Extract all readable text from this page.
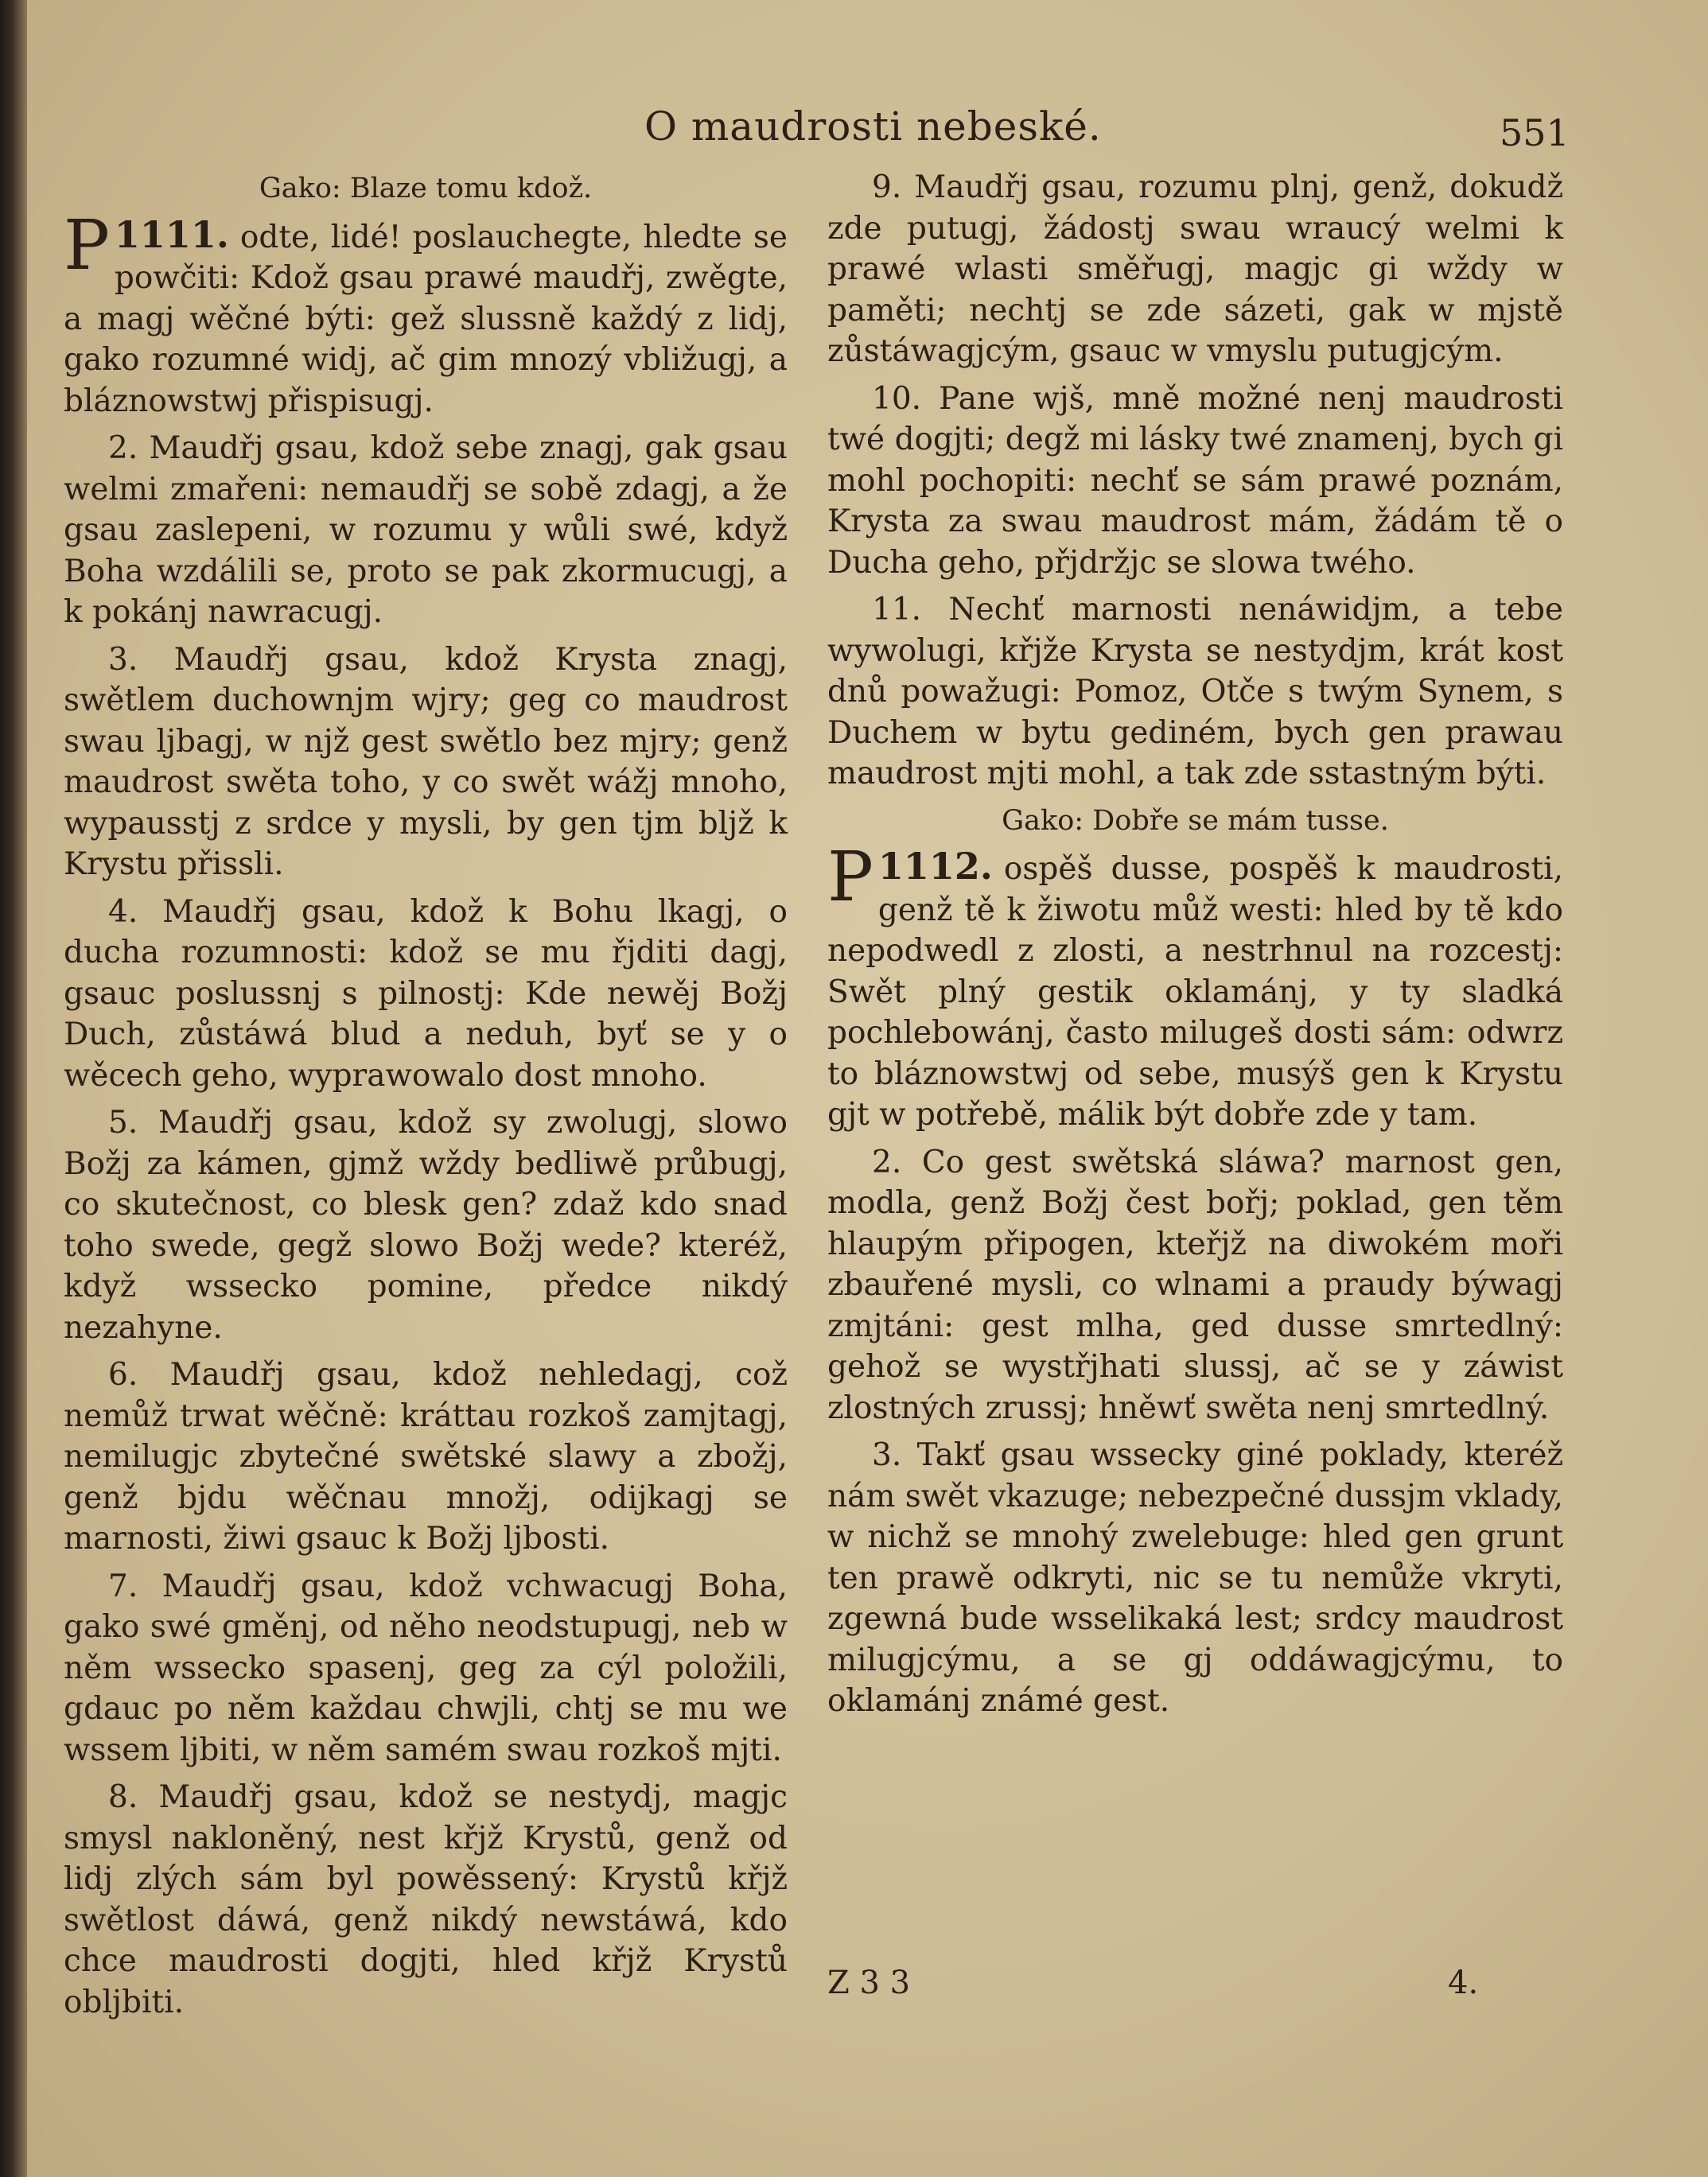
O maudrosti nebeské.	551
Gako: Blaze tomu kdož.

1111.
P	odte, lidé! poslauchegte, hledte se powčiti: Kdož gsau prawé maudřj, zwěgte, a magj wěčné býti: gež slussně každý z lidj, gako rozumné widj, ač gim mnozý vbližugj, a bláznowstwj přispisugj.

2. Maudřj gsau, kdož sebe znagj, gak gsau welmi zmařeni: nemaudřj se sobě zdagj, a že gsau zaslepeni, w rozumu y wůli swé, když Boha wzdálili se, proto se pak zkormucugj, a k pokánj nawracugj.

3. Maudřj gsau, kdož Krysta znagj, swětlem duchownjm wjry; geg co maudrost swau ljbagj, w njž gest swětlo bez mjry; genž maudrost swěta toho, y co swět wážj mnoho, wypausstj z srdce y mysli, by gen tjm bljž k Krystu přissli.

4. Maudřj gsau, kdož k Bohu lkagj, o ducha rozumnosti: kdož se mu řjditi dagj, gsauc poslussnj s pilnostj: Kde newěj Božj Duch, zůstáwá blud a neduh, byť se y o wěcech geho, wyprawowalo dost mnoho.

5. Maudřj gsau, kdož sy zwolugj, slowo Božj za kámen, gjmž wždy bedliwě průbugj, co skutečnost, co blesk gen? zdaž kdo snad toho swede, gegž slowo Božj wede? kteréž, když wssecko pomine, předce nikdý nezahyne.

6. Maudřj gsau, kdož nehledagj, což nemůž trwat wěčně: kráttau rozkoš zamjtagj, nemilugjc zbytečné swětské slawy a zbožj, genž bjdu wěčnau množj, odijkagj se marnosti, žiwi gsauc k Božj ljbosti.

7. Maudřj gsau, kdož vchwacugj Boha, gako swé gměnj, od něho neodstupugj, neb w něm wssecko spasenj, geg za cýl položili, gdauc po něm každau chwjli, chtj se mu we wssem ljbiti, w něm samém swau rozkoš mjti.

8. Maudřj gsau, kdož se nestydj, magjc smysl nakloněný, nest křjž Krystů, genž od lidj zlých sám byl powěssený: Krystů křjž swětlost dáwá, genž nikdý newstáwá, kdo chce maudrosti dogjti, hled křjž Krystů obljbiti.

9. Maudřj gsau, rozumu plnj, genž, dokudž zde putugj, žádostj swau wraucý welmi k prawé wlasti směřugj, magjc gi wždy w paměti; nechtj se zde sázeti, gak w mjstě zůstáwagjcým, gsauc w vmyslu putugjcým.

10. Pane wjš, mně možné nenj maudrosti twé dogjti; degž mi lásky twé znamenj, bych gi mohl pochopiti: nechť se sám prawé poznám, Krysta za swau maudrost mám, žádám tě o Ducha geho, přjdržjc se slowa twého.

11. Nechť marnosti nenáwidjm, a tebe wywolugi, křjže Krysta se nestydjm, krát kost dnů powažugi: Pomoz, Otče s twým Synem, s Duchem w bytu gediném, bych gen prawau maudrost mjti mohl, a tak zde sstastným býti.

Gako: Dobře se mám tusse.

1112.
P	ospěš dusse, pospěš k maudrosti, genž tě k žiwotu můž westi: hled by tě kdo nepodwedl z zlosti, a nestrhnul na rozcestj: Swět plný gestik oklamánj, y ty sladká pochlebowánj, často milugeš dosti sám: odwrz to bláznowstwj od sebe, musýš gen k Krystu gjt w potřebě, málik být dobře zde y tam.

2. Co gest swětská sláwa? marnost gen, modla, genž Božj čest bořj; poklad, gen těm hlaupým připogen, kteřjž na diwokém moři zbauřené mysli, co wlnami a praudy býwagj zmjtáni: gest mlha, ged dusse smrtedlný: gehož se wystřjhati slussj, ač se y záwist zlostných zrussj; hněwť swěta nenj smrtedlný.

3. Takť gsau wssecky giné poklady, kteréž nám swět vkazuge; nebezpečné dussjm vklady, w nichž se mnohý zwelebuge: hled gen grunt ten prawě odkryti, nic se tu nemůže vkryti, zgewná bude wsselikaká lest; srdcy maudrost milugjcýmu, a se gj oddáwagjcýmu, to oklamánj známé gest.

Z 3 3	4.
